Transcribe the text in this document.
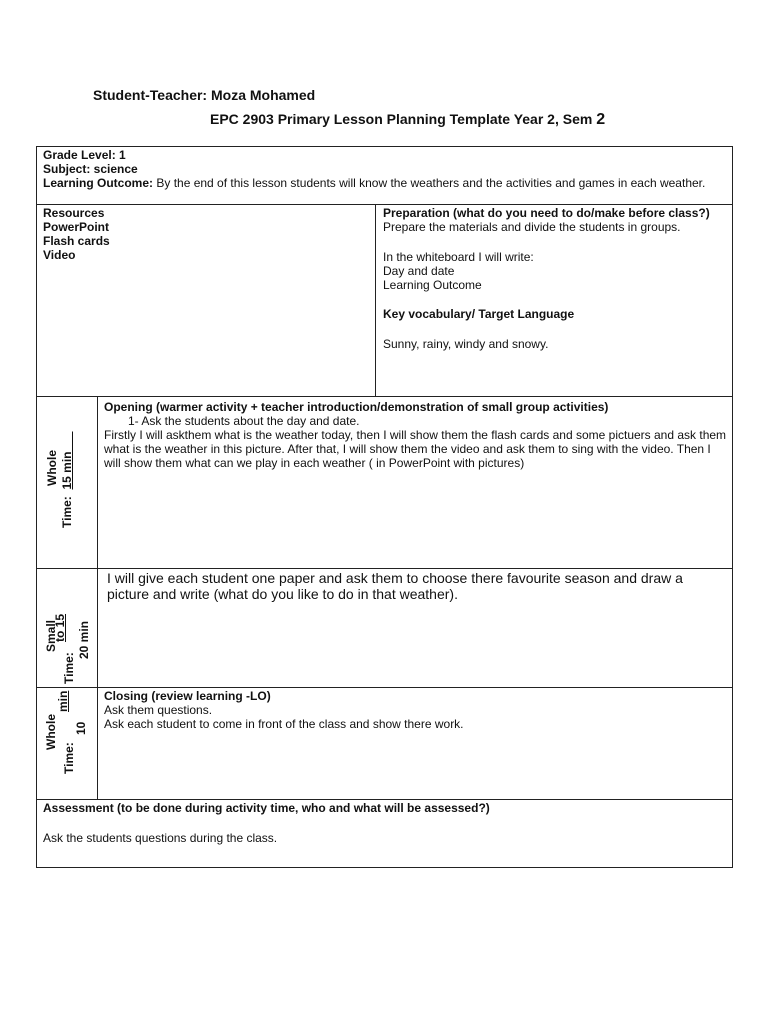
Student-Teacher: Moza Mohamed
EPC 2903 Primary Lesson Planning Template Year 2, Sem 2
Grade Level: 1
Subject: science
Learning Outcome: By the end of this lesson students will know the weathers and the activities and games in each weather.
Resources
PowerPoint
Flash cards
Video
Preparation (what do you need to do/make before class?)
Prepare the materials and divide the students in groups.
In the whiteboard I will write:
Day and date
Learning Outcome
Key vocabulary/ Target Language
Sunny, rainy, windy and snowy.
Whole
Time:  15 min
Opening (warmer activity + teacher introduction/demonstration of small group activities)
1- Ask the students about the day and date.
Firstly I will askthem what is the weather today, then I will show them the flash cards and some pictuers and ask them what is the weather in this picture. After that, I will show them the video and ask them to sing with the video. Then I will show them what can we play in each weather ( in PowerPoint with pictures)
Small
to 15
Time:
20 min
I will give each student one paper and ask them to choose there favourite season and draw a picture and write (what do you like to do in that weather).
Whole
min
Time:
10
Closing (review learning -LO)
Ask them questions.
Ask each student to come in front of the class and show there work.
Assessment (to be done during activity time, who and what will be assessed?)
Ask the students questions during the class.
